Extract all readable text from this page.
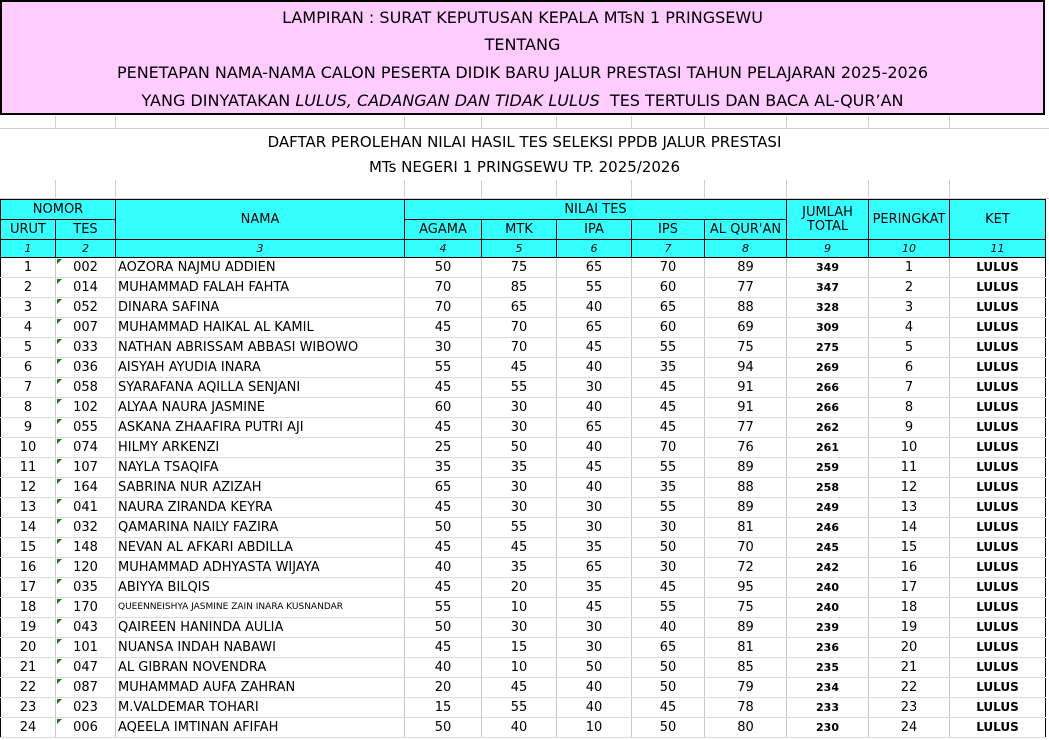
LAMPIRAN : SURAT KEPUTUSAN KEPALA MTsN 1 PRINGSEWU
TENTANG
PENETAPAN NAMA-NAMA CALON PESERTA DIDIK BARU JALUR PRESTASI TAHUN PELAJARAN 2025-2026
YANG DINYATAKAN LULUS, CADANGAN DAN TIDAK LULUS  TES TERTULIS DAN BACA AL-QUR’AN
DAFTAR PEROLEHAN NILAI HASIL TES SELEKSI PPDB JALUR PRESTASI
MTs NEGERI 1 PRINGSEWU TP. 2025/2026
NOMOR		NAMA	NILAI TES					JUMLAH
TOTAL	PERINGKAT	KET
URUT	TES		AGAMA	MTK	IPA	IPS	AL QUR'AN			
1	2	3	4	5	6	7	8	9	10	11
1	002	AOZORA NAJMU ADDIEN	50	75	65	70	89	349	1	LULUS
2	014	MUHAMMAD FALAH FAHTA	70	85	55	60	77	347	2	LULUS
3	052	DINARA SAFINA	70	65	40	65	88	328	3	LULUS
4	007	MUHAMMAD HAIKAL AL KAMIL	45	70	65	60	69	309	4	LULUS
5	033	NATHAN ABRISSAM ABBASI WIBOWO	30	70	45	55	75	275	5	LULUS
6	036	AISYAH AYUDIA INARA	55	45	40	35	94	269	6	LULUS
7	058	SYARAFANA AQILLA SENJANI	45	55	30	45	91	266	7	LULUS
8	102	ALYAA NAURA JASMINE	60	30	40	45	91	266	8	LULUS
9	055	ASKANA ZHAAFIRA PUTRI AJI	45	30	65	45	77	262	9	LULUS
10	074	HILMY ARKENZI	25	50	40	70	76	261	10	LULUS
11	107	NAYLA TSAQIFA	35	35	45	55	89	259	11	LULUS
12	164	SABRINA NUR AZIZAH	65	30	40	35	88	258	12	LULUS
13	041	NAURA ZIRANDA KEYRA	45	30	30	55	89	249	13	LULUS
14	032	QAMARINA NAILY FAZIRA	50	55	30	30	81	246	14	LULUS
15	148	NEVAN AL AFKARI ABDILLA	45	45	35	50	70	245	15	LULUS
16	120	MUHAMMAD ADHYASTA WIJAYA	40	35	65	30	72	242	16	LULUS
17	035	ABIYYA BILQIS	45	20	35	45	95	240	17	LULUS
18	170	QUEENNEISHYA JASMINE ZAIN INARA KUSNANDAR	55	10	45	55	75	240	18	LULUS
19	043	QAIREEN HANINDA AULIA	50	30	30	40	89	239	19	LULUS
20	101	NUANSA INDAH NABAWI	45	15	30	65	81	236	20	LULUS
21	047	AL GIBRAN NOVENDRA	40	10	50	50	85	235	21	LULUS
22	087	MUHAMMAD AUFA ZAHRAN	20	45	40	50	79	234	22	LULUS
23	023	M.VALDEMAR TOHARI	15	55	40	45	78	233	23	LULUS
24	006	AQEELA IMTINAN AFIFAH	50	40	10	50	80	230	24	LULUS
